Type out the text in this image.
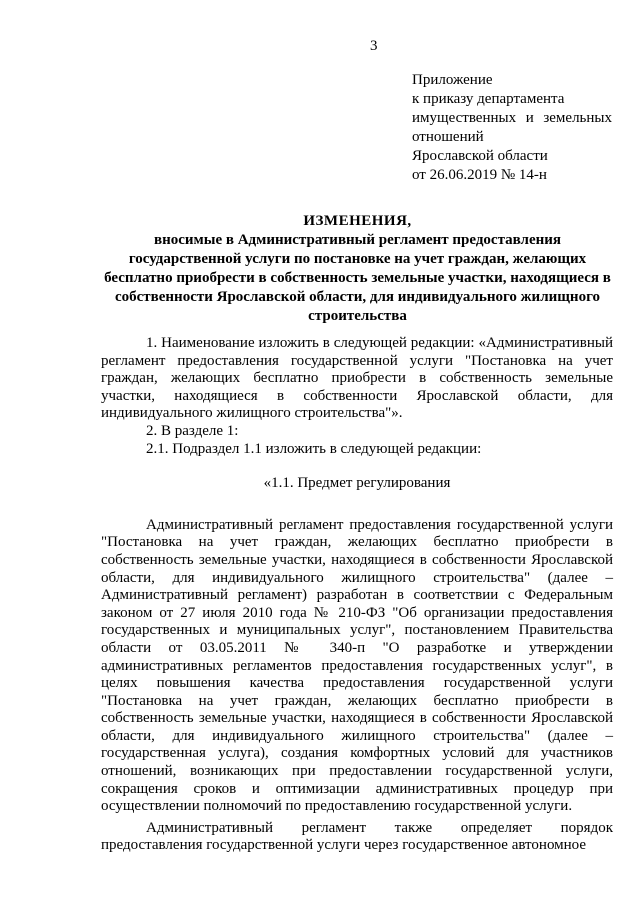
3
Приложение
к приказу департамента
имущественных и земельных
отношений
Ярославской области
от 26.06.2019 № 14-н
ИЗМЕНЕНИЯ,
вносимые в Административный регламент предоставления государственной услуги по постановке на учет граждан, желающих бесплатно приобрести в собственность земельные участки, находящиеся в собственности Ярославской области, для индивидуального жилищного строительства

1. Наименование изложить в следующей редакции: «Административный регламент предоставления государственной услуги "Постановка на учет граждан, желающих бесплатно приобрести в собственность земельные участки, находящиеся в собственности Ярославской области, для индивидуального жилищного строительства"».

2. В разделе 1:

2.1. Подраздел 1.1 изложить в следующей редакции:

«1.1. Предмет регулирования

Административный регламент предоставления государственной услуги "Постановка на учет граждан, желающих бесплатно приобрести в собственность земельные участки, находящиеся в собственности Ярославской области, для индивидуального жилищного строительства" (далее – Административный регламент) разработан в соответствии с Федеральным законом от 27 июля 2010 года № 210-ФЗ "Об организации предоставления государственных и муниципальных услуг", постановлением Правительства области от 03.05.2011 № 340-п "О разработке и утверждении административных регламентов предоставления государственных услуг", в целях повышения качества предоставления государственной услуги "Постановка на учет граждан, желающих бесплатно приобрести в собственность земельные участки, находящиеся в собственности Ярославской области, для индивидуального жилищного строительства" (далее – государственная услуга), создания комфортных условий для участников отношений, возникающих при предоставлении государственной услуги, сокращения сроков и оптимизации административных процедур при осуществлении полномочий по предоставлению государственной услуги.

Административный регламент также определяет порядок предоставления государственной услуги через государственное автономное
